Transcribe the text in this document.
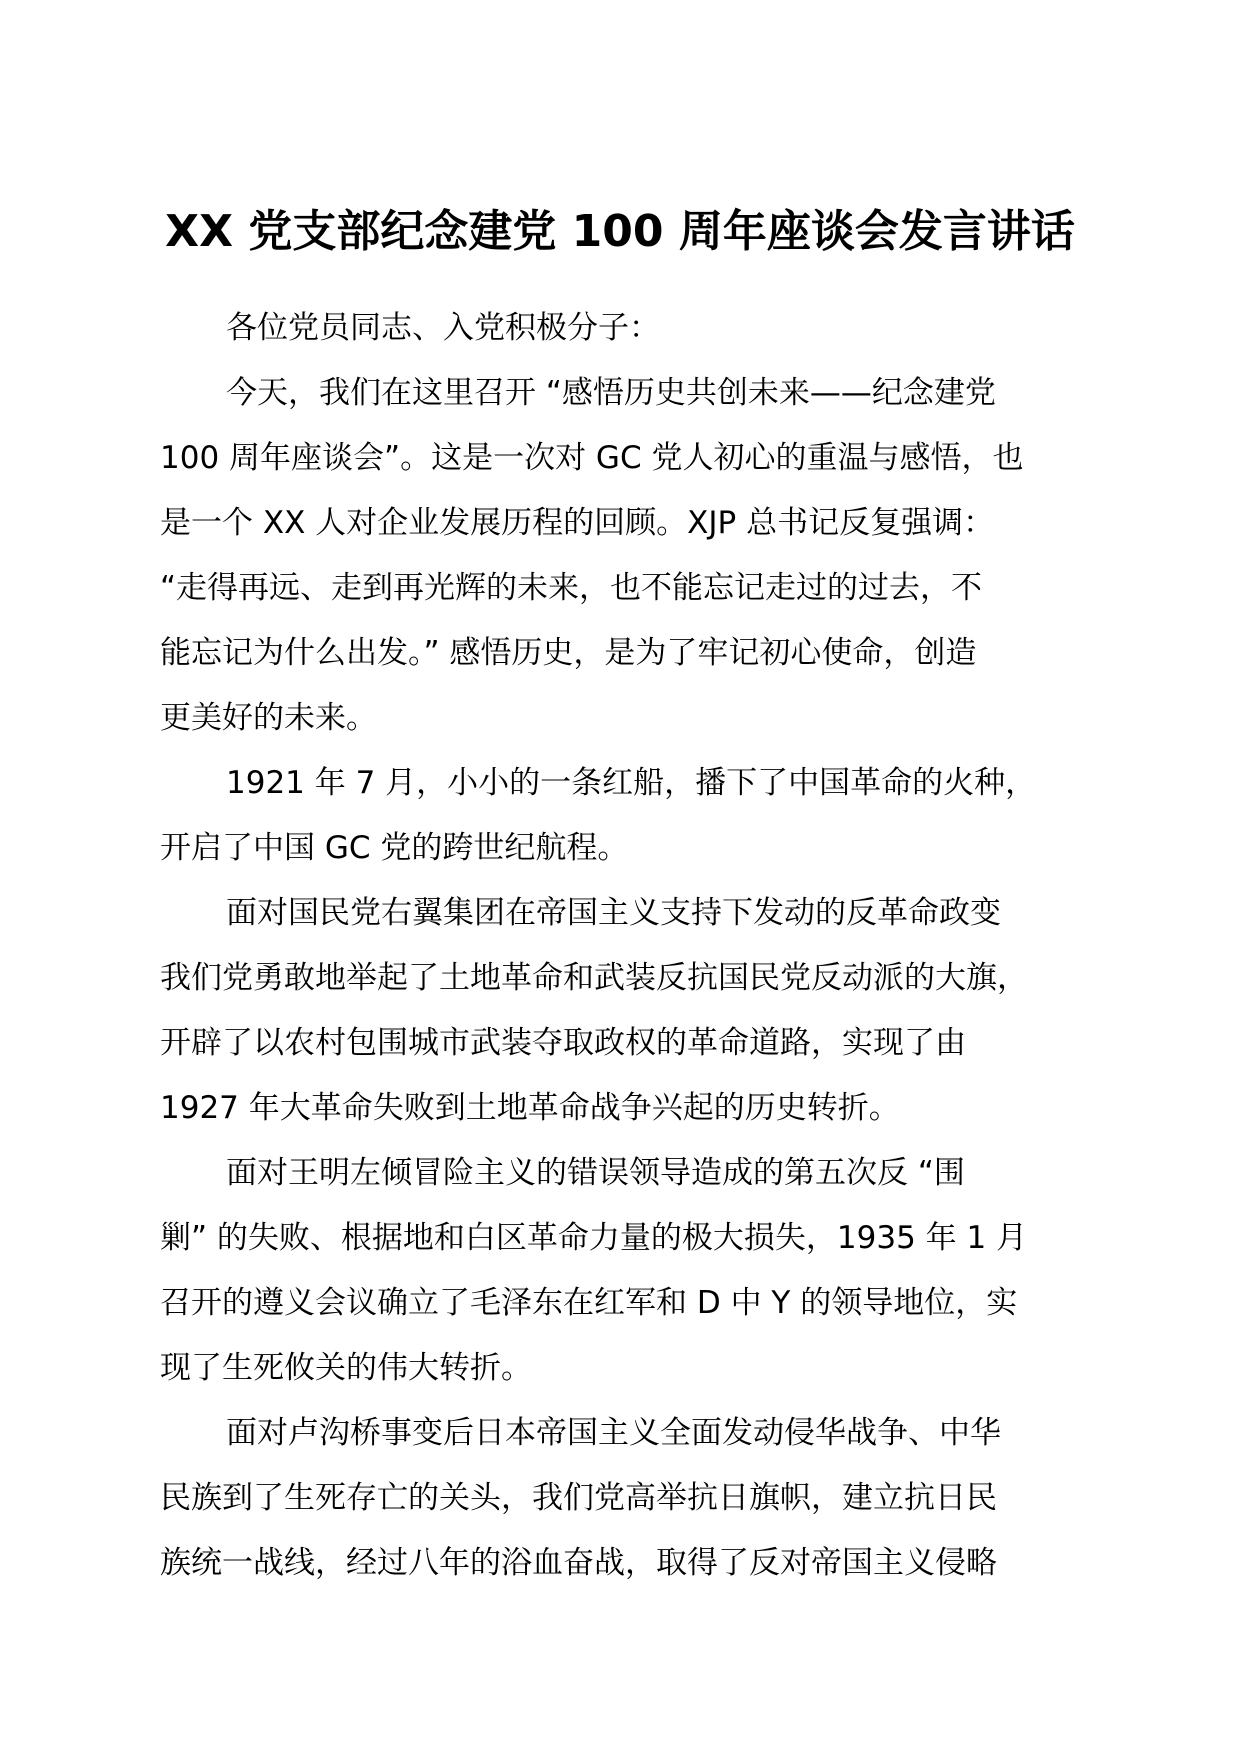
XX 党支部纪念建党 100 周年座谈会发言讲话
各位党员同志、入党积极分子：
今天，我们在这里召开 “感悟历史共创未来——纪念建党
100 周年座谈会”。这是一次对 GC 党人初心的重温与感悟，也
是一个 XX 人对企业发展历程的回顾。XJP 总书记反复强调：
“走得再远、走到再光辉的未来，也不能忘记走过的过去，不
能忘记为什么出发。” 感悟历史，是为了牢记初心使命，创造
更美好的未来。
1921 年 7 月，小小的一条红船，播下了中国革命的火种，
开启了中国 GC 党的跨世纪航程。
面对国民党右翼集团在帝国主义支持下发动的反革命政变
我们党勇敢地举起了土地革命和武装反抗国民党反动派的大旗，
开辟了以农村包围城市武装夺取政权的革命道路，实现了由
1927 年大革命失败到土地革命战争兴起的历史转折。
面对王明左倾冒险主义的错误领导造成的第五次反 “围
剿” 的失败、根据地和白区革命力量的极大损失，1935 年 1 月
召开的遵义会议确立了毛泽东在红军和 D 中 Y 的领导地位，实
现了生死攸关的伟大转折。
面对卢沟桥事变后日本帝国主义全面发动侵华战争、中华
民族到了生死存亡的关头，我们党高举抗日旗帜，建立抗日民
族统一战线，经过八年的浴血奋战，取得了反对帝国主义侵略
